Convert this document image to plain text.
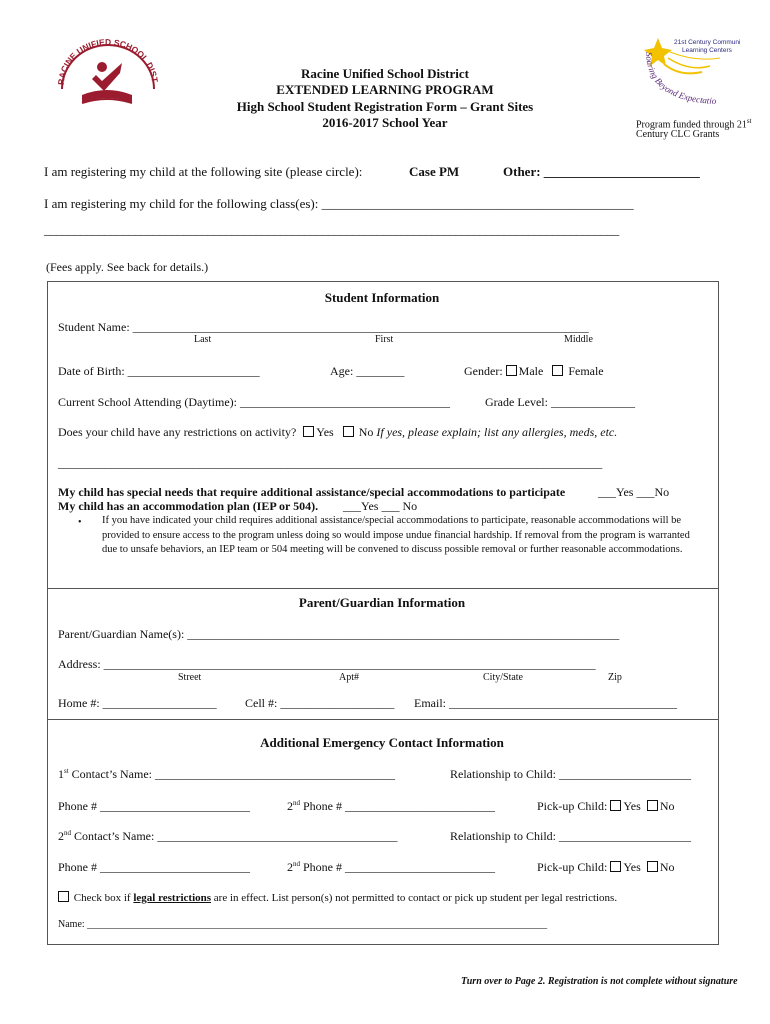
RACINE UNIFIED SCHOOL DIST
21st Century Community
Learning Centers
Soaring Beyond Expectatio
Racine Unified School District
EXTENDED LEARNING PROGRAM
High School Student Registration Form – Grant Sites
2016-2017 School Year	Program funded through 21st
Century CLC Grants
I am registering my child at the following site (please circle):	Case PM	Other: ________________________
I am registering my child for the following class(es): ________________________________________________
_______________________________________________________________________________________________
(Fees apply. See back for details.)
Student Information
Student Name: ____________________________________________________________________________
Last	First	Middle
Date of Birth: ______________________	Age: ________	Gender: Male Female
Current School Attending (Daytime): ___________________________________	Grade Level: ______________
Does your child have any restrictions on activity? Yes No If yes, please explain; list any allergies, meds, etc.
_____________________________________________________________________________________________
My child has special needs that require additional assistance/special accommodations to participate	___Yes ___No
My child has an accommodation plan (IEP or 504). ___Yes ___ No
• If you have indicated your child requires additional assistance/special accommodations to participate, reasonable accommodations will be provided to ensure access to the program unless doing so would impose undue financial hardship. If removal from the program is warranted due to unsafe behaviors, an IEP team or 504 meeting will be convened to discuss possible removal or further reasonable accommodations.
Parent/Guardian Information
Parent/Guardian Name(s): ________________________________________________________________________
Address: __________________________________________________________________________________
Street	Apt#	City/State	Zip
Home #: ___________________ Cell #: ___________________ Email: ______________________________________
Additional Emergency Contact Information
1st Contact’s Name: ________________________________________	Relationship to Child: ______________________
Phone # _________________________	2nd Phone # _________________________	Pick-up Child: Yes No
2nd Contact’s Name: ________________________________________	Relationship to Child: ______________________
Phone # _________________________	2nd Phone # _________________________	Pick-up Child: Yes No
Check box if legal restrictions are in effect. List person(s) not permitted to contact or pick up student per legal restrictions.
Name: ____________________________________________________________________________________________
Turn over to Page 2. Registration is not complete without signature
